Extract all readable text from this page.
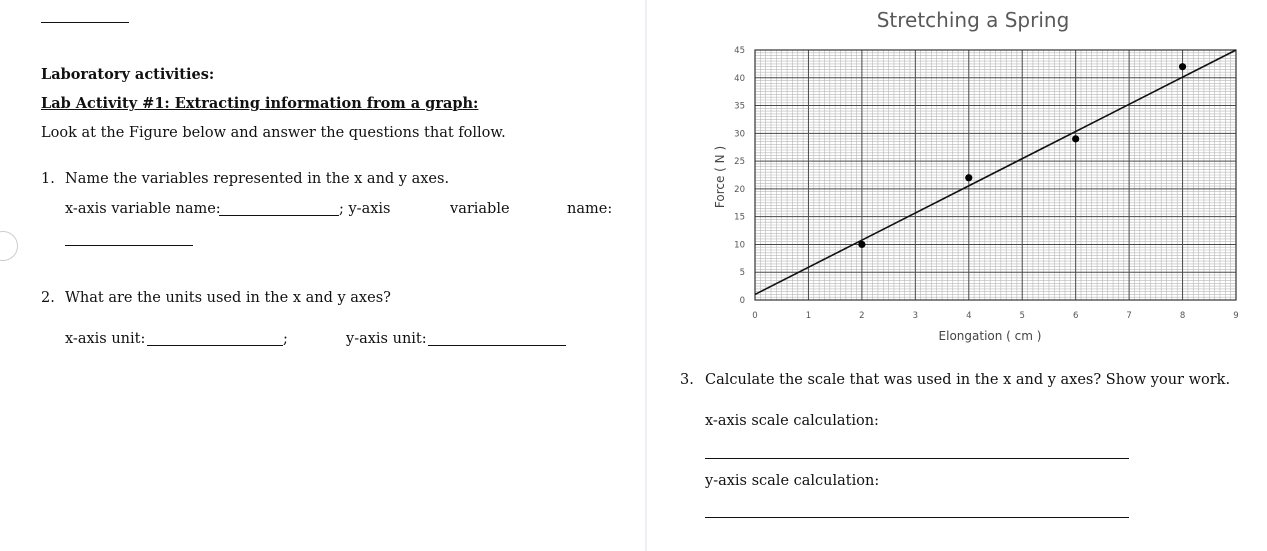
Laboratory activities:
Lab Activity #1: Extracting information from a graph:
Look at the Figure below and answer the questions that follow.
1. Name the variables represented in the x and y axes.
x-axis variable name:	; y-axis	variable	name:
2. What are the units used in the x and y axes?
x-axis unit:	;	y-axis unit:
Stretching a Spring
0
5
10
15
20
25
30
35
40
45
0	1	2	3	4	5	6	7	8	9
Elongation ( cm )
Force ( N )
3. Calculate the scale that was used in the x and y axes? Show your work.
x-axis scale calculation:
y-axis scale calculation:
